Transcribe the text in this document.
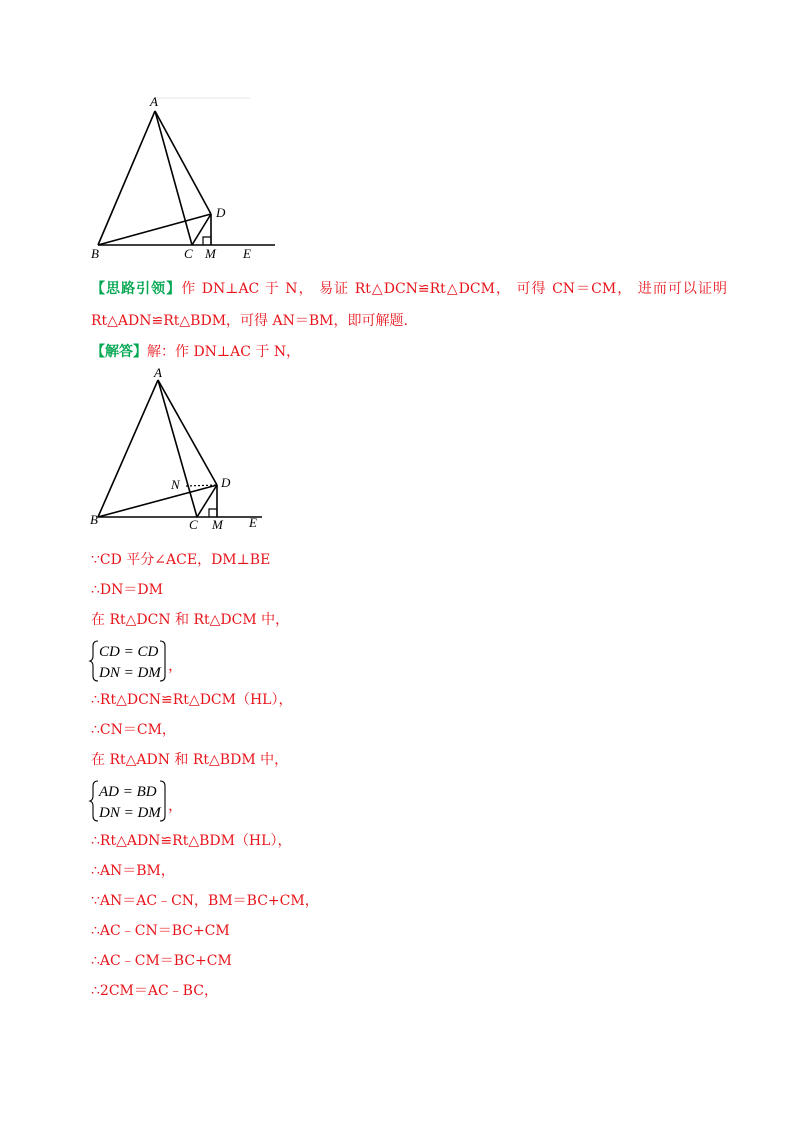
A
B	C
D
M E
【思路引领】作 DN⊥AC 于 N， 易证 Rt△DCN≌Rt△DCM， 可得 CN＝CM， 进而可以证明
Rt△ADN≌Rt△BDM，可得 AN＝BM，即可解题.
【解答】解：作 DN⊥AC 于 N，
A
B	C
D
N
M E
∵CD 平分∠ACE，DM⊥BE
∴DN＝DM
在 Rt△DCN 和 Rt△DCM 中，
CD = CD
DN = DM ，
∴Rt△DCN≌Rt△DCM（HL），
∴CN＝CM，
在 Rt△ADN 和 Rt△BDM 中，
AD = BD
DN = DM ，
∴Rt△ADN≌Rt△BDM（HL），
∴AN＝BM，
∵AN＝AC﹣CN，BM＝BC+CM，
∴AC﹣CN＝BC+CM
∴AC﹣CM＝BC+CM
∴2CM＝AC﹣BC，
